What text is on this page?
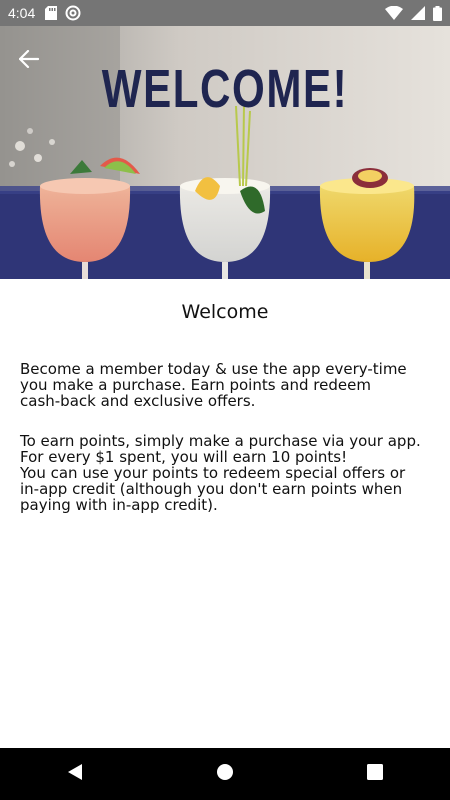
4:04
WELCOME!
Welcome
Become a member today & use the app every-time
you make a purchase. Earn points and redeem
cash-back and exclusive offers.
To earn points, simply make a purchase via your app.
For every $1 spent, you will earn 10 points!
You can use your points to redeem special offers or
in-app credit (although you don't earn points when
paying with in-app credit).
